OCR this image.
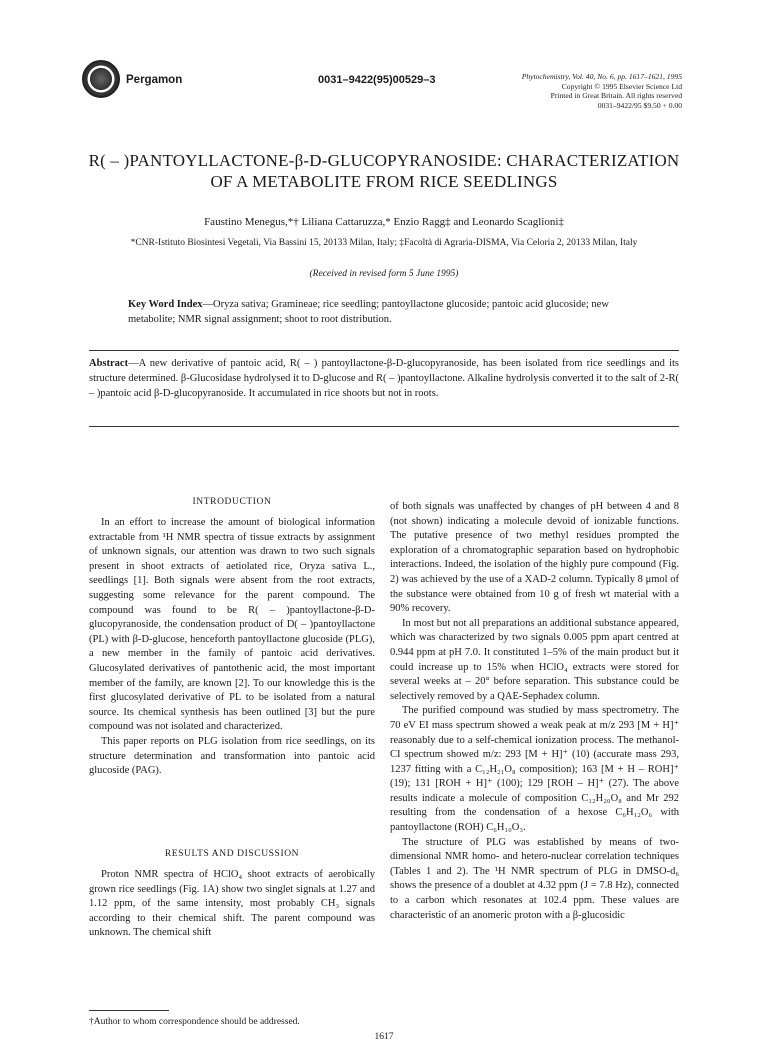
Pergamon	0031–9422(95)00529–3	Phytochemistry, Vol. 40, No. 6, pp. 1617–1621, 1995
Copyright © 1995 Elsevier Science Ltd
Printed in Great Britain. All rights reserved
0031–9422/95 $9.50 + 0.00
R( – )PANTOYLLACTONE-β-D-GLUCOPYRANOSIDE: CHARACTERIZATION
OF A METABOLITE FROM RICE SEEDLINGS
Faustino Menegus,*† Liliana Cattaruzza,* Enzio Ragg‡ and Leonardo Scaglioni‡
*CNR-Istituto Biosintesi Vegetali, Via Bassini 15, 20133 Milan, Italy; ‡Facoltà di Agraria-DISMA, Via Celoria 2, 20133 Milan, Italy
(Received in revised form 5 June 1995)
Key Word Index—Oryza sativa; Gramineae; rice seedling; pantoyllactone glucoside; pantoic acid glucoside; new metabolite; NMR signal assignment; shoot to root distribution.
Abstract—A new derivative of pantoic acid, R( – ) pantoyllactone-β-D-glucopyranoside, has been isolated from rice seedlings and its structure determined. β-Glucosidase hydrolysed it to D-glucose and R( – )pantoyllactone. Alkaline hydrolysis converted it to the salt of 2-R( – )pantoic acid β-D-glucopyranoside. It accumulated in rice shoots but not in roots.
INTRODUCTION

In an effort to increase the amount of biological information extractable from ¹H NMR spectra of tissue extracts by assignment of unknown signals, our attention was drawn to two such signals present in shoot extracts of aetiolated rice, Oryza sativa L., seedlings [1]. Both signals were absent from the root extracts, suggesting some relevance for the parent compound. The compound was found to be R( – )pantoyllactone-β-D-glucopyranoside, the condensation product of D( – )pantoyllactone (PL) with β-D-glucose, henceforth pantoyllactone glucoside (PLG), a new member in the family of pantoic acid derivatives. Glucosylated derivatives of pantothenic acid, the most important member of the family, are known [2]. To our knowledge this is the first glucosylated derivative of PL to be isolated from a natural source. Its chemical synthesis has been outlined [3] but the pure compound was not isolated and characterized.

This paper reports on PLG isolation from rice seedlings, on its structure determination and transformation into pantoic acid glucoside (PAG).

RESULTS AND DISCUSSION

Proton NMR spectra of HClO₄ shoot extracts of aerobically grown rice seedlings (Fig. 1A) show two singlet signals at 1.27 and 1.12 ppm, of the same intensity, most probably CH₃ signals according to their chemical shift. The parent compound was unknown. The chemical shift

of both signals was unaffected by changes of pH between 4 and 8 (not shown) indicating a molecule devoid of ionizable functions. The putative presence of two methyl residues prompted the exploration of a chromatographic separation based on hydrophobic interactions. Indeed, the isolation of the highly pure compound (Fig. 2) was achieved by the use of a XAD-2 column. Typically 8 μmol of the substance were obtained from 10 g of fresh wt material with a 90% recovery.

In most but not all preparations an additional substance appeared, which was characterized by two signals 0.005 ppm apart centred at 0.944 ppm at pH 7.0. It constituted 1–5% of the main product but it could increase up to 15% when HClO₄ extracts were stored for several weeks at – 20° before separation. This substance could be selectively removed by a QAE-Sephadex column.

The purified compound was studied by mass spectrometry. The 70 eV EI mass spectrum showed a weak peak at m/z 293 [M + H]⁺ reasonably due to a self-chemical ionization process. The methanol-CI spectrum showed m/z: 293 [M + H]⁺ (10) (accurate mass 293, 1237 fitting with a C₁₂H₂₁O₈ composition); 163 [M + H – ROH]⁺ (19); 131 [ROH + H]⁺ (100); 129 [ROH – H]⁺ (27). The above results indicate a molecule of composition C₁₂H₂₀O₈ and Mr 292 resulting from the condensation of a hexose C₆H₁₂O₆ with pantoyllactone (ROH) C₆H₁₀O₃.

The structure of PLG was established by means of two-dimensional NMR homo- and hetero-nuclear correlation techniques (Tables 1 and 2). The ¹H NMR spectrum of PLG in DMSO-d₆ shows the presence of a doublet at 4.32 ppm (J = 7.8 Hz), connected to a carbon which resonates at 102.4 ppm. These values are characteristic of an anomeric proton with a β-glucosidic

†Author to whom correspondence should be addressed.
1617
